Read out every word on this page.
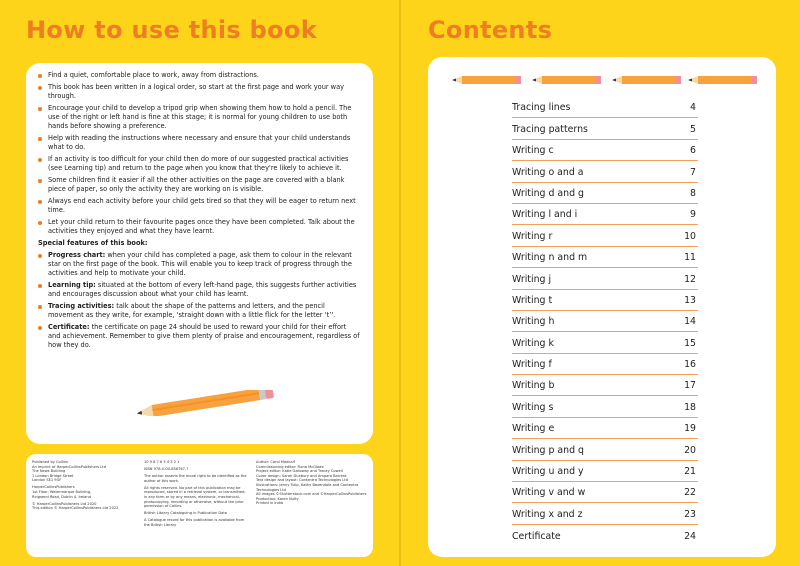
How to use this book
Find a quiet, comfortable place to work, away from distractions.
This book has been written in a logical order, so start at the first page and work your way through.
Encourage your child to develop a tripod grip when showing them how to hold a pencil. The use of the right or left hand is fine at this stage; it is normal for young children to use both hands before showing a preference.
Help with reading the instructions where necessary and ensure that your child understands what to do.
If an activity is too difficult for your child then do more of our suggested practical activities (see Learning tip) and return to the page when you know that they're likely to achieve it.
Some children find it easier if all the other activities on the page are covered with a blank piece of paper, so only the activity they are working on is visible.
Always end each activity before your child gets tired so that they will be eager to return next time.
Let your child return to their favourite pages once they have been completed. Talk about the activities they enjoyed and what they have learnt.
Special features of this book:
Progress chart: when your child has completed a page, ask them to colour in the relevant star on the first page of the book. This will enable you to keep track of progress through the activities and help to motivate your child.
Learning tip: situated at the bottom of every left-hand page, this suggests further activities and encourages discussion about what your child has learnt.
Tracing activities: talk about the shape of the patterns and letters, and the pencil movement as they write, for example, 'straight down with a little flick for the letter ‘t’'.
Certificate: the certificate on page 24 should be used to reward your child for their effort and achievement. Remember to give them plenty of praise and encouragement, regardless of how they do.

Published by Collins
An imprint of HarperCollinsPublishers Ltd
The News Building
1 London Bridge Street
London SE1 9GF

HarperCollinsPublishers
1st Floor, Watermarque Building,
Ringsend Road, Dublin 4, Ireland

© HarperCollinsPublishers Ltd 2020
This edition © HarperCollinsPublishers Ltd 2022

10 9 8 7 6 5 4 3 2 1

ISBN 978-0-00-856767-7

The author asserts the moral right to be identified as the author of this work.

All rights reserved. No part of this publication may be reproduced, stored in a retrieval system, or transmitted, in any form or by any means, electronic, mechanical, photocopying, recording or otherwise, without the prior permission of Collins.

British Library Cataloguing in Publication Data

A Catalogue record for this publication is available from the British Library

Author: Carol Medcalf
Commissioning editor: Fiona McGlade
Project editor: Katie Galloway and Tracey Cowell
Cover design: Sarah Duxbury and Amparo Barrera
Text design and layout: Contentra Technologies Ltd
Illustrations: Jenny Tulip, Kathy Baxendale and Contentra Technologies Ltd
All images ©Shutterstock.com and ©HarperCollinsPublishers
Production: Karen Nulty
Printed in India

Contents
Tracing lines	4
Tracing patterns	5
Writing c	6
Writing o and a	7
Writing d and g	8
Writing l and i	9
Writing r	10
Writing n and m	11
Writing j	12
Writing t	13
Writing h	14
Writing k	15
Writing f	16
Writing b	17
Writing s	18
Writing e	19
Writing p and q	20
Writing u and y	21
Writing v and w	22
Writing x and z	23
Certificate	24
